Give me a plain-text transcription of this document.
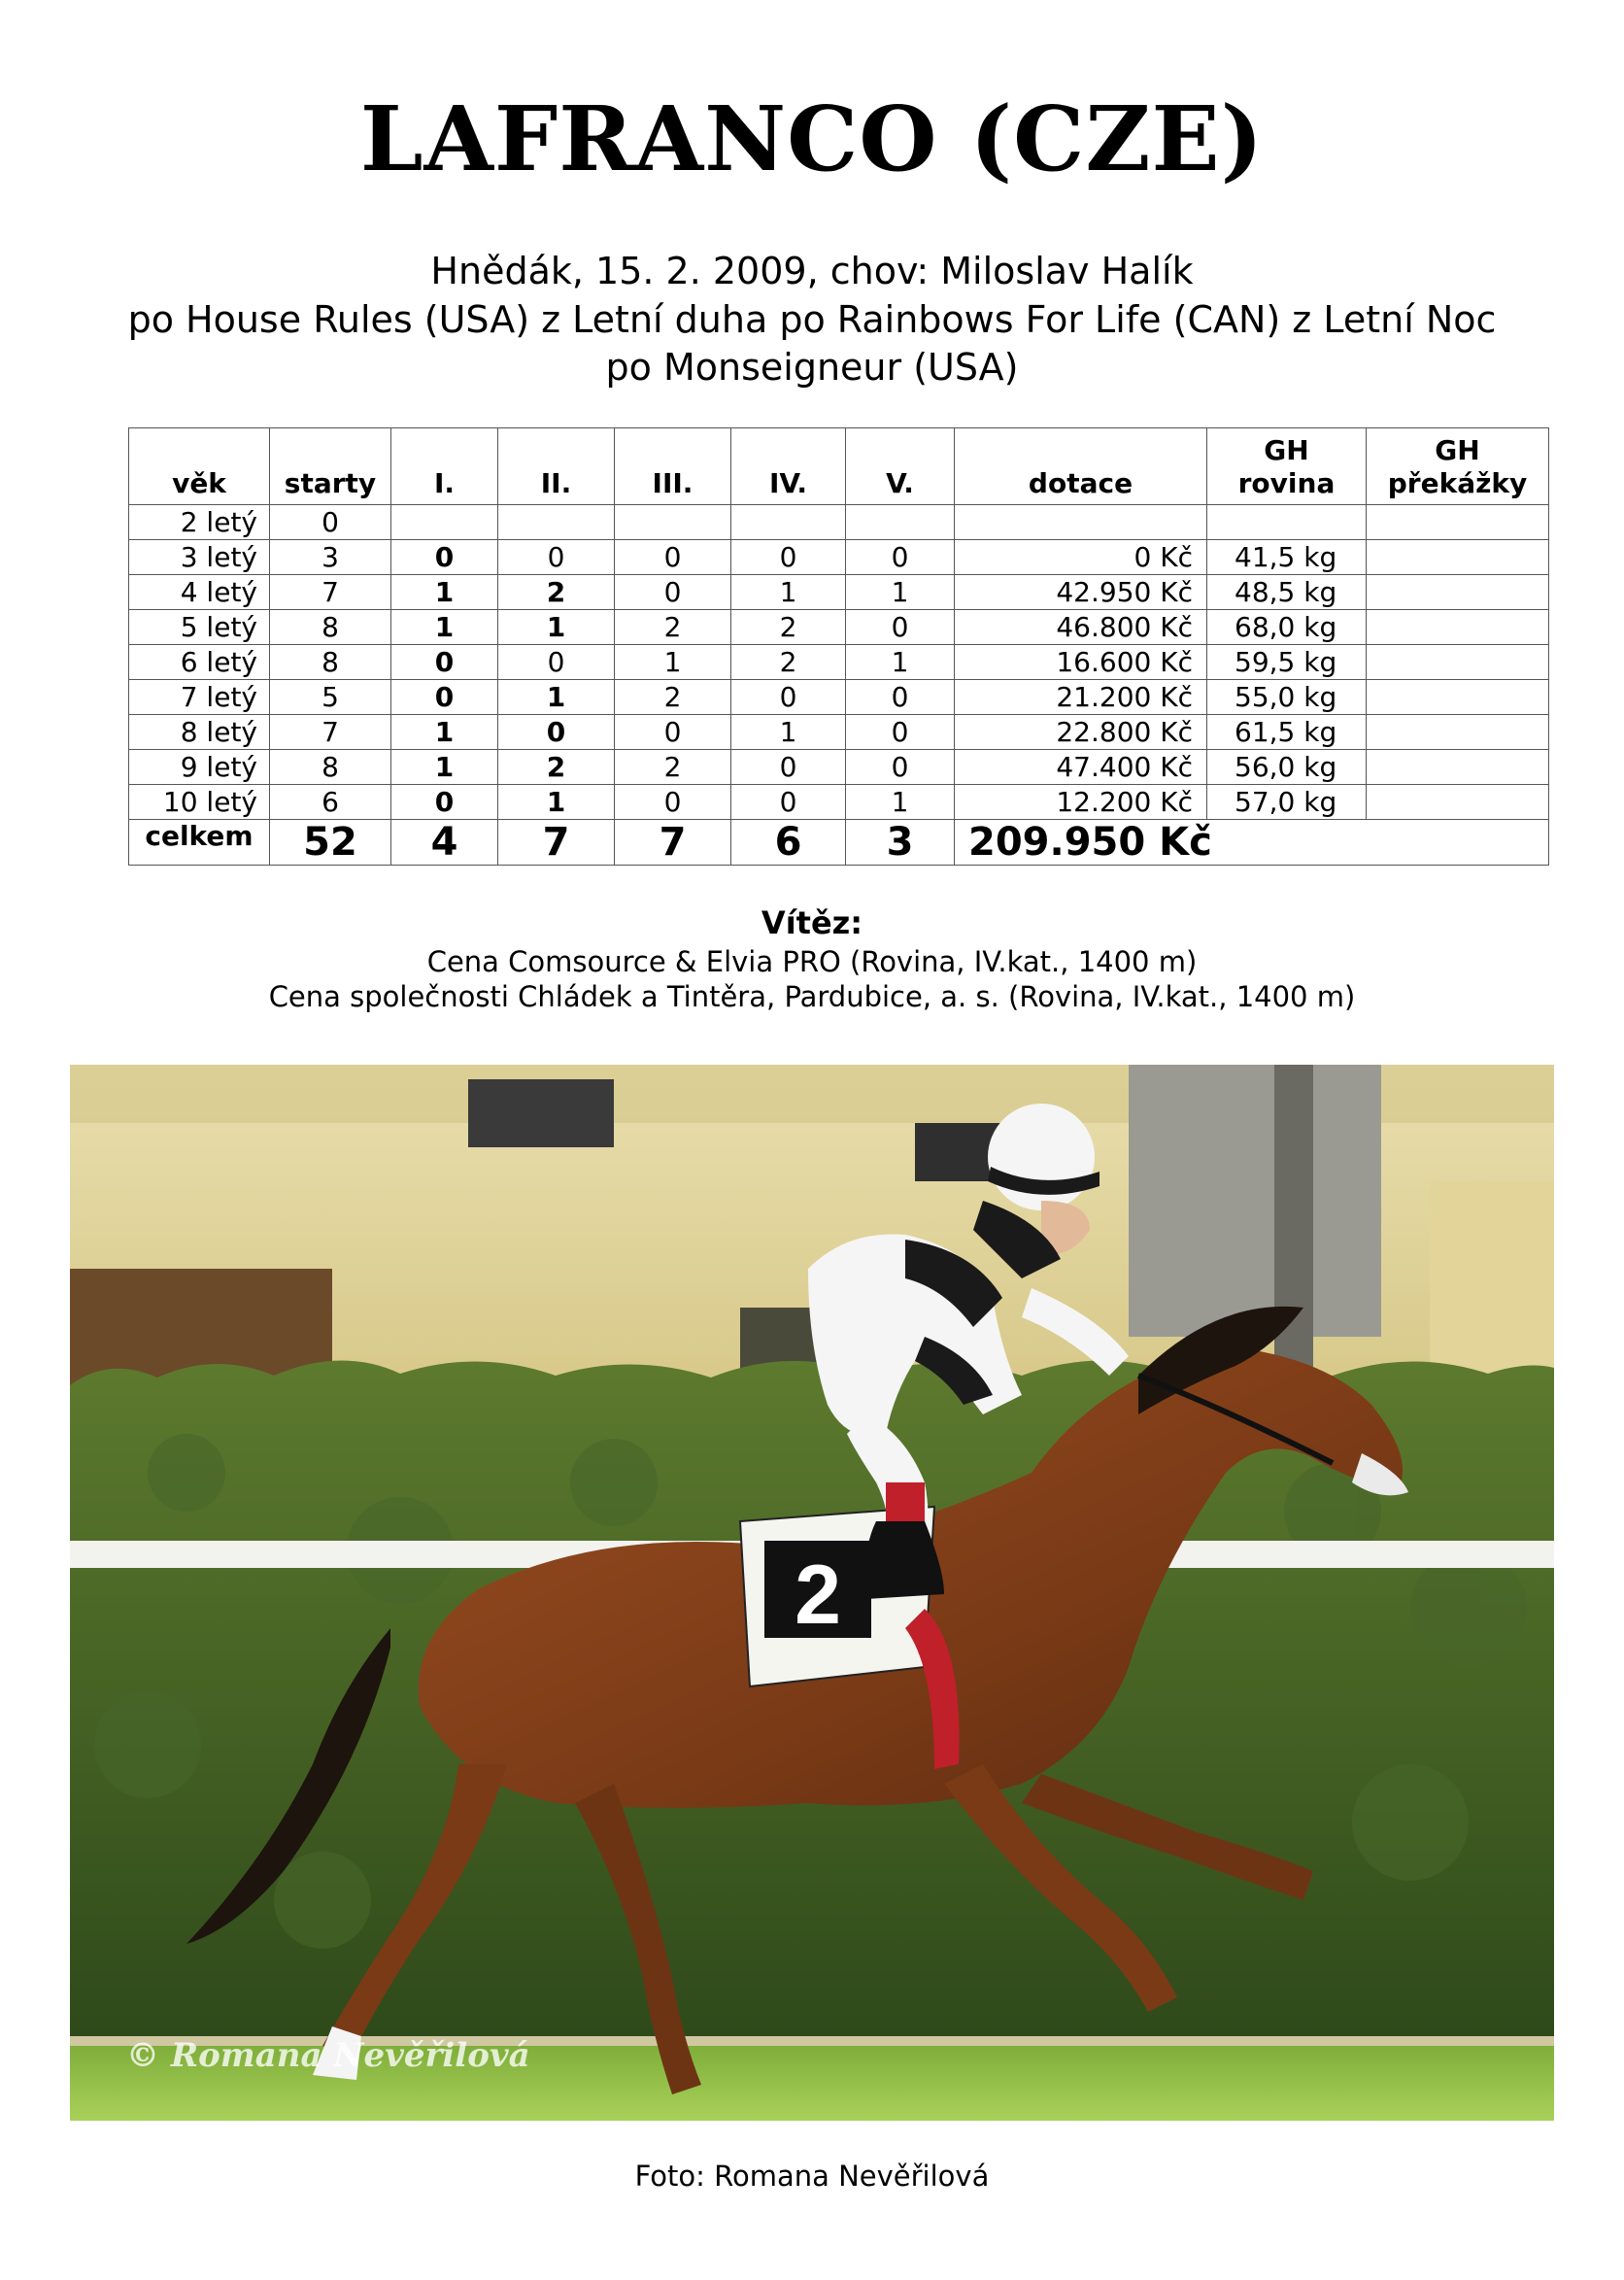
LAFRANCO (CZE)
Hnědák, 15. 2. 2009, chov: Miloslav Halík
po House Rules (USA) z Letní duha po Rainbows For Life (CAN) z Letní Noc
po Monseigneur (USA)
věk	starty	I.	II.	III.	IV.	V.	dotace	GH rovina	GH překážky
2 letý	0								
3 letý	3	0	0	0	0	0	0 Kč	41,5 kg	
4 letý	7	1	2	0	1	1	42.950 Kč	48,5 kg	
5 letý	8	1	1	2	2	0	46.800 Kč	68,0 kg	
6 letý	8	0	0	1	2	1	16.600 Kč	59,5 kg	
7 letý	5	0	1	2	0	0	21.200 Kč	55,0 kg	
8 letý	7	1	0	0	1	0	22.800 Kč	61,5 kg	
9 letý	8	1	2	2	0	0	47.400 Kč	56,0 kg	
10 letý	6	0	1	0	0	1	12.200 Kč	57,0 kg	
celkem	52	4	7	7	6	3	209.950 Kč		
Vítěz:
Cena Comsource & Elvia PRO (Rovina, IV.kat., 1400 m)
Cena společnosti Chládek a Tintěra, Pardubice, a. s. (Rovina, IV.kat., 1400 m)
2
© Romana Nevěřilová
Foto: Romana Nevěřilová
